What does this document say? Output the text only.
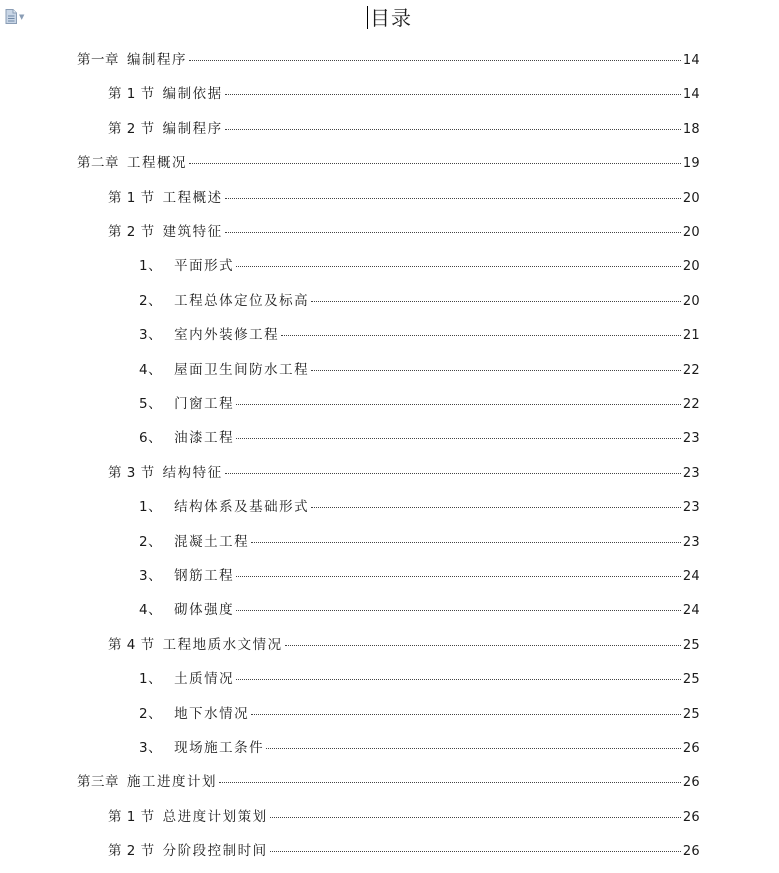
▼	目录
第一章 编制程序	14
第 1 节 编制依据	14
第 2 节 编制程序	18
第二章 工程概况	19
第 1 节 工程概述	20
第 2 节 建筑特征	20
1、 平面形式	20
2、 工程总体定位及标高	20
3、 室内外装修工程	21
4、 屋面卫生间防水工程	22
5、 门窗工程	22
6、 油漆工程	23
第 3 节 结构特征	23
1、 结构体系及基础形式	23
2、 混凝土工程	23
3、 钢筋工程	24
4、 砌体强度	24
第 4 节 工程地质水文情况	25
1、 土质情况	25
2、 地下水情况	25
3、 现场施工条件	26
第三章 施工进度计划	26
第 1 节 总进度计划策划	26
第 2 节 分阶段控制时间	26
